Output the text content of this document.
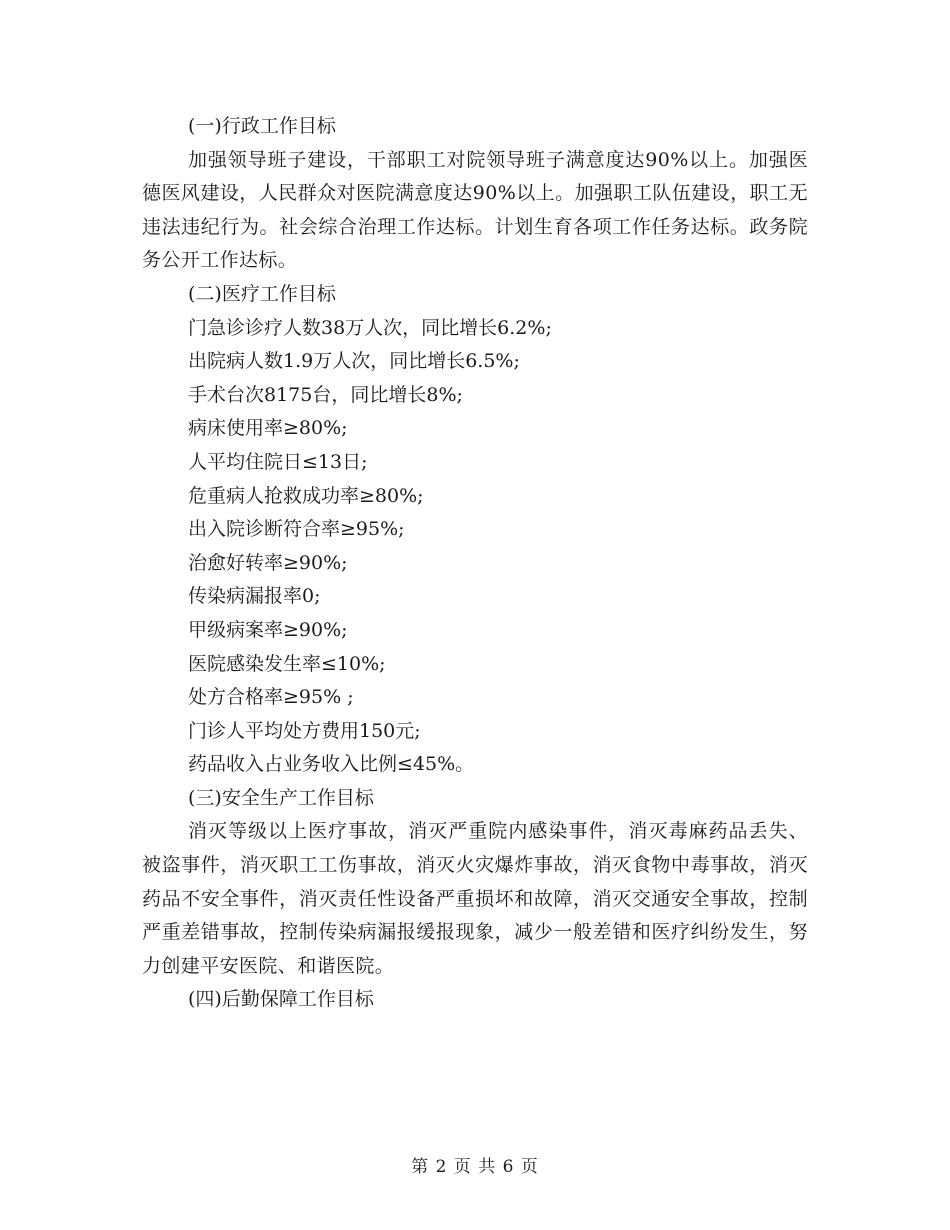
(一)行政工作目标
加强领导班子建设，干部职工对院领导班子满意度达90%以上。加强医德医风建设，人民群众对医院满意度达90%以上。加强职工队伍建设，职工无违法违纪行为。社会综合治理工作达标。计划生育各项工作任务达标。政务院务公开工作达标。
(二)医疗工作目标
门急诊诊疗人数38万人次，同比增长6.2%;
出院病人数1.9万人次，同比增长6.5%;
手术台次8175台，同比增长8%;
病床使用率≥80%;
人平均住院日≤13日;
危重病人抢救成功率≥80%;
出入院诊断符合率≥95%;
治愈好转率≥90%;
传染病漏报率0;
甲级病案率≥90%;
医院感染发生率≤10%;
处方合格率≥95% ;
门诊人平均处方费用150元;
药品收入占业务收入比例≤45%。
(三)安全生产工作目标
消灭等级以上医疗事故，消灭严重院内感染事件，消灭毒麻药品丢失、被盗事件，消灭职工工伤事故，消灭火灾爆炸事故，消灭食物中毒事故，消灭药品不安全事件，消灭责任性设备严重损坏和故障，消灭交通安全事故，控制严重差错事故，控制传染病漏报缓报现象，减少一般差错和医疗纠纷发生，努力创建平安医院、和谐医院。
(四)后勤保障工作目标
第 2 页 共 6 页
